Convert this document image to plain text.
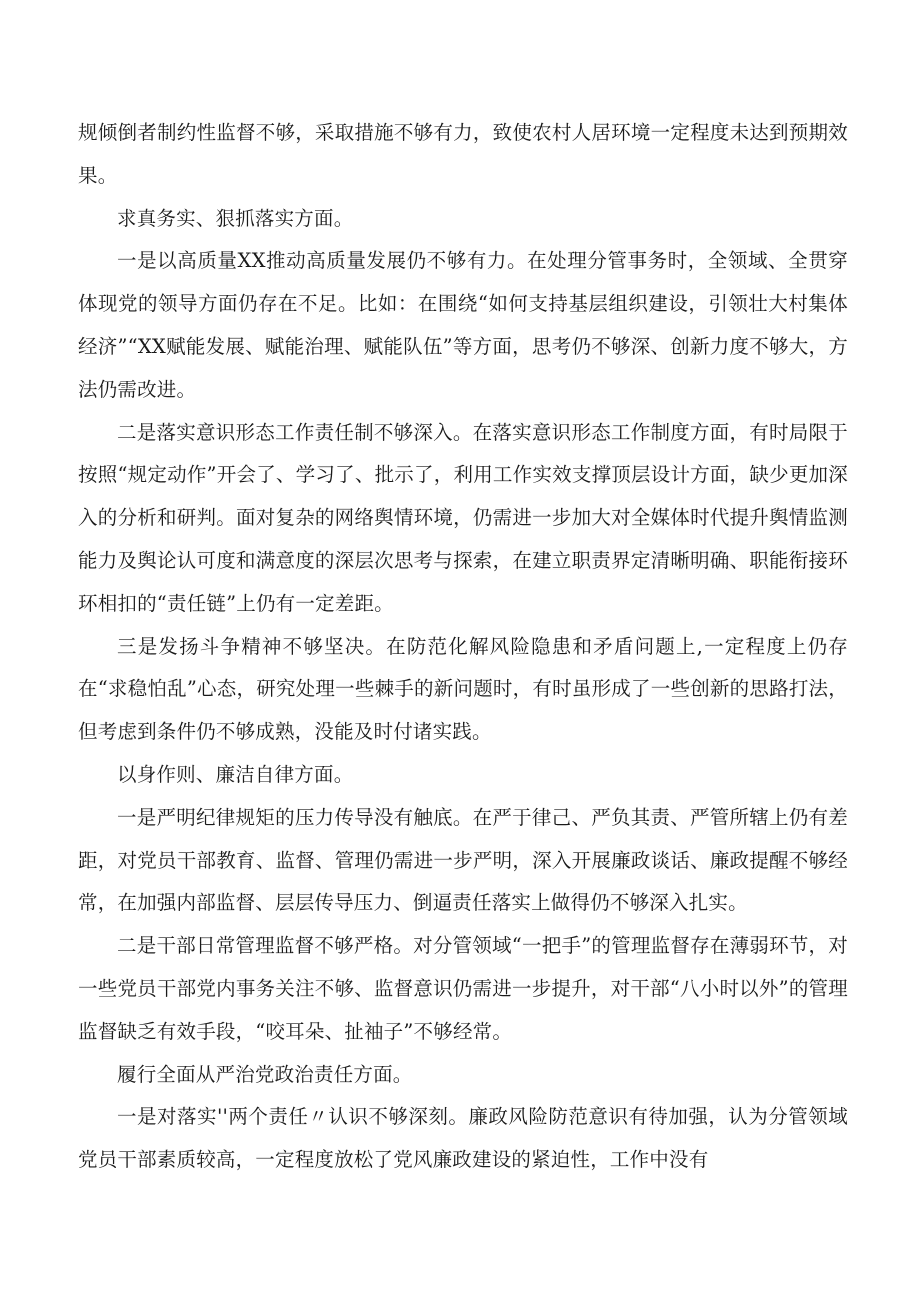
规倾倒者制约性监督不够，采取措施不够有力，致使农村人居环境一定程度未达到预期效果。

求真务实、狠抓落实方面。

一是以高质量XX推动高质量发展仍不够有力。在处理分管事务时，全领域、全贯穿体现党的领导方面仍存在不足。比如：在围绕“如何支持基层组织建设，引领壮大村集体经济”“XX赋能发展、赋能治理、赋能队伍”等方面，思考仍不够深、创新力度不够大，方法仍需改进。

二是落实意识形态工作责任制不够深入。在落实意识形态工作制度方面，有时局限于按照“规定动作”开会了、学习了、批示了，利用工作实效支撑顶层设计方面，缺少更加深入的分析和研判。面对复杂的网络舆情环境，仍需进一步加大对全媒体时代提升舆情监测能力及舆论认可度和满意度的深层次思考与探索，在建立职责界定清晰明确、职能衔接环环相扣的“责任链”上仍有一定差距。

三是发扬斗争精神不够坚决。在防范化解风险隐患和矛盾问题上,一定程度上仍存在“求稳怕乱”心态，研究处理一些棘手的新问题时，有时虽形成了一些创新的思路打法，但考虑到条件仍不够成熟，没能及时付诸实践。

以身作则、廉洁自律方面。

一是严明纪律规矩的压力传导没有触底。在严于律己、严负其责、严管所辖上仍有差距，对党员干部教育、监督、管理仍需进一步严明，深入开展廉政谈话、廉政提醒不够经常，在加强内部监督、层层传导压力、倒逼责任落实上做得仍不够深入扎实。

二是干部日常管理监督不够严格。对分管领域“一把手”的管理监督存在薄弱环节，对一些党员干部党内事务关注不够、监督意识仍需进一步提升，对干部“八小时以外”的管理监督缺乏有效手段，“咬耳朵、扯袖子”不够经常。

履行全面从严治党政治责任方面。

一是对落实''两个责任〃认识不够深刻。廉政风险防范意识有待加强，认为分管领域党员干部素质较高，一定程度放松了党风廉政建设的紧迫性，工作中没有
